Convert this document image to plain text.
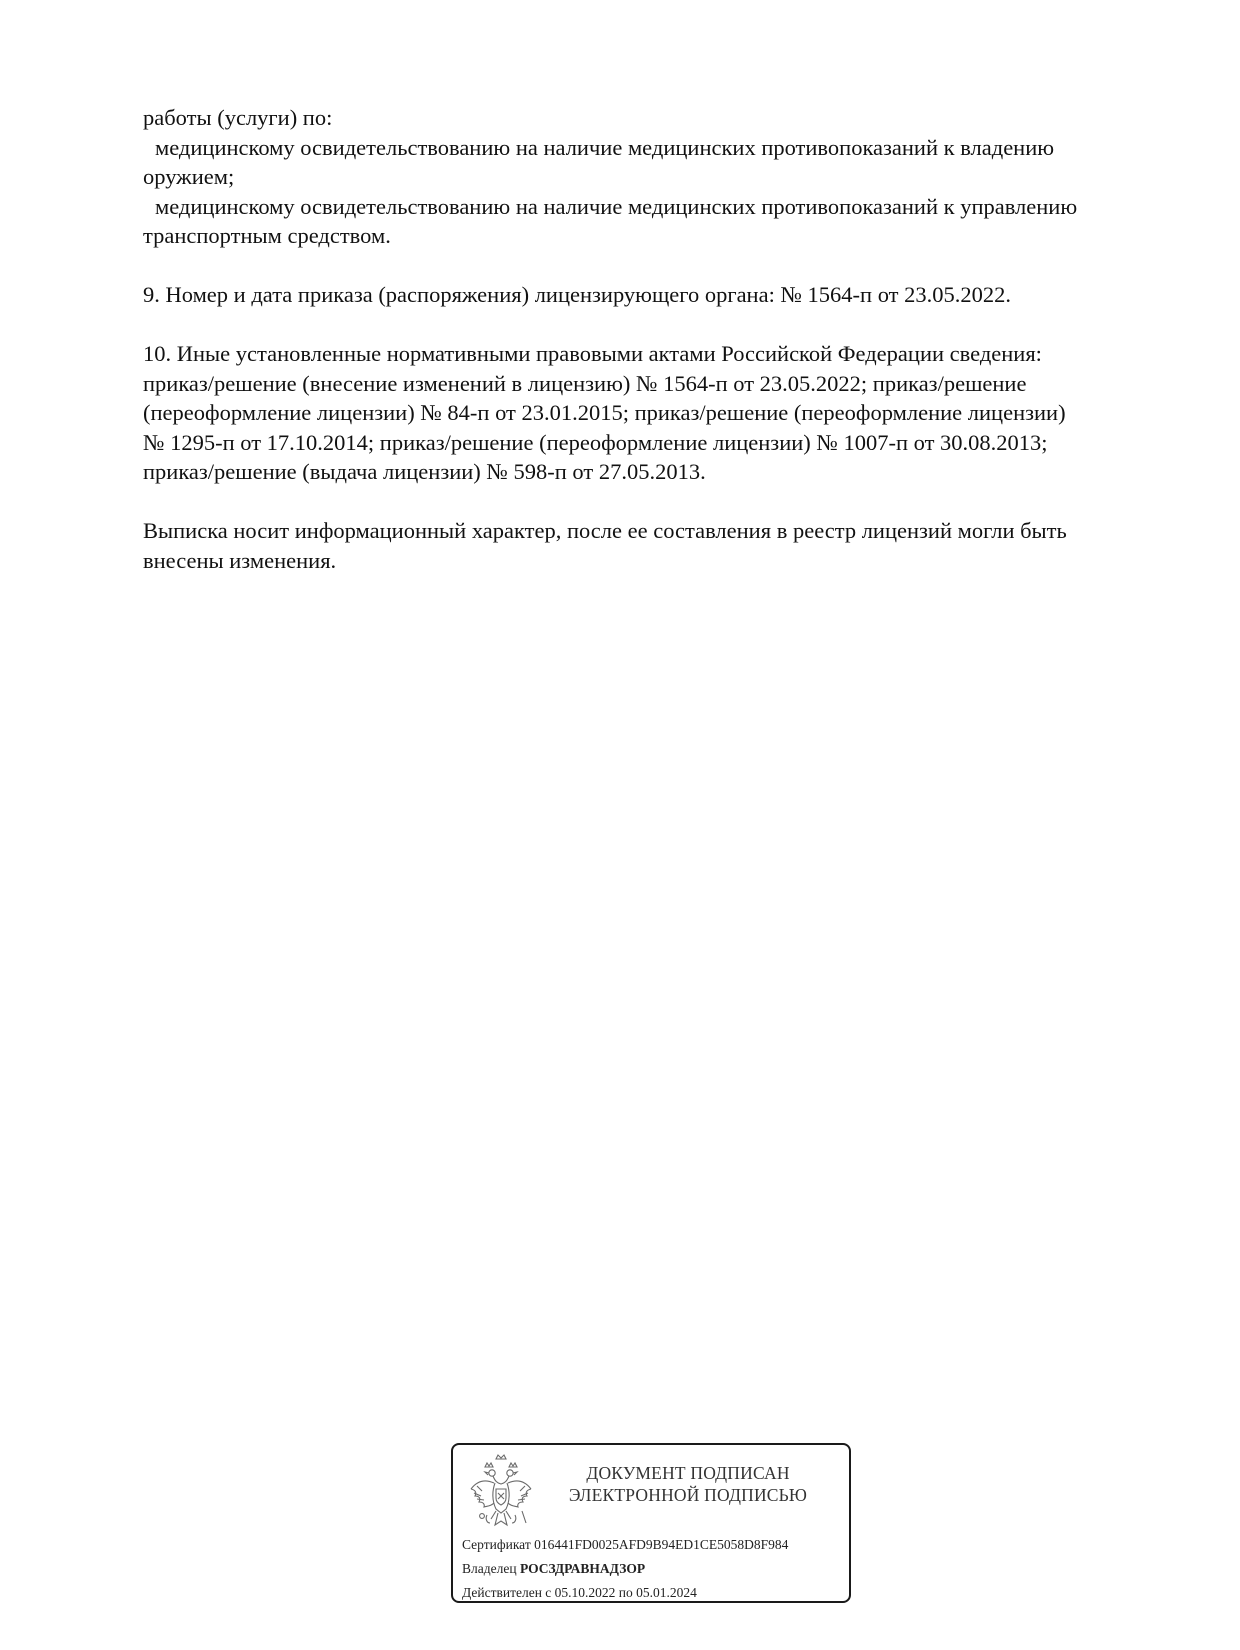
работы (услуги) по:

медицинскому освидетельствованию на наличие медицинских противопоказаний к владению

оружием;

медицинскому освидетельствованию на наличие медицинских противопоказаний к управлению

транспортным средством.

9. Номер и дата приказа (распоряжения) лицензирующего органа: № 1564-п от 23.05.2022.

10. Иные установленные нормативными правовыми актами Российской Федерации сведения:

приказ/решение (внесение изменений в лицензию) № 1564-п от 23.05.2022; приказ/решение

(переоформление лицензии) № 84-п от 23.01.2015; приказ/решение (переоформление лицензии)

№ 1295-п от 17.10.2014; приказ/решение (переоформление лицензии) № 1007-п от 30.08.2013;

приказ/решение (выдача лицензии) № 598-п от 27.05.2013.

Выписка носит информационный характер, после ее составления в реестр лицензий могли быть

внесены изменения.

ДОКУМЕНТ ПОДПИСАН
ЭЛЕКТРОННОЙ ПОДПИСЬЮ
Сертификат 016441FD0025AFD9B94ED1CE5058D8F984
Владелец РОСЗДРАВНАДЗОР
Действителен с 05.10.2022 по 05.01.2024
